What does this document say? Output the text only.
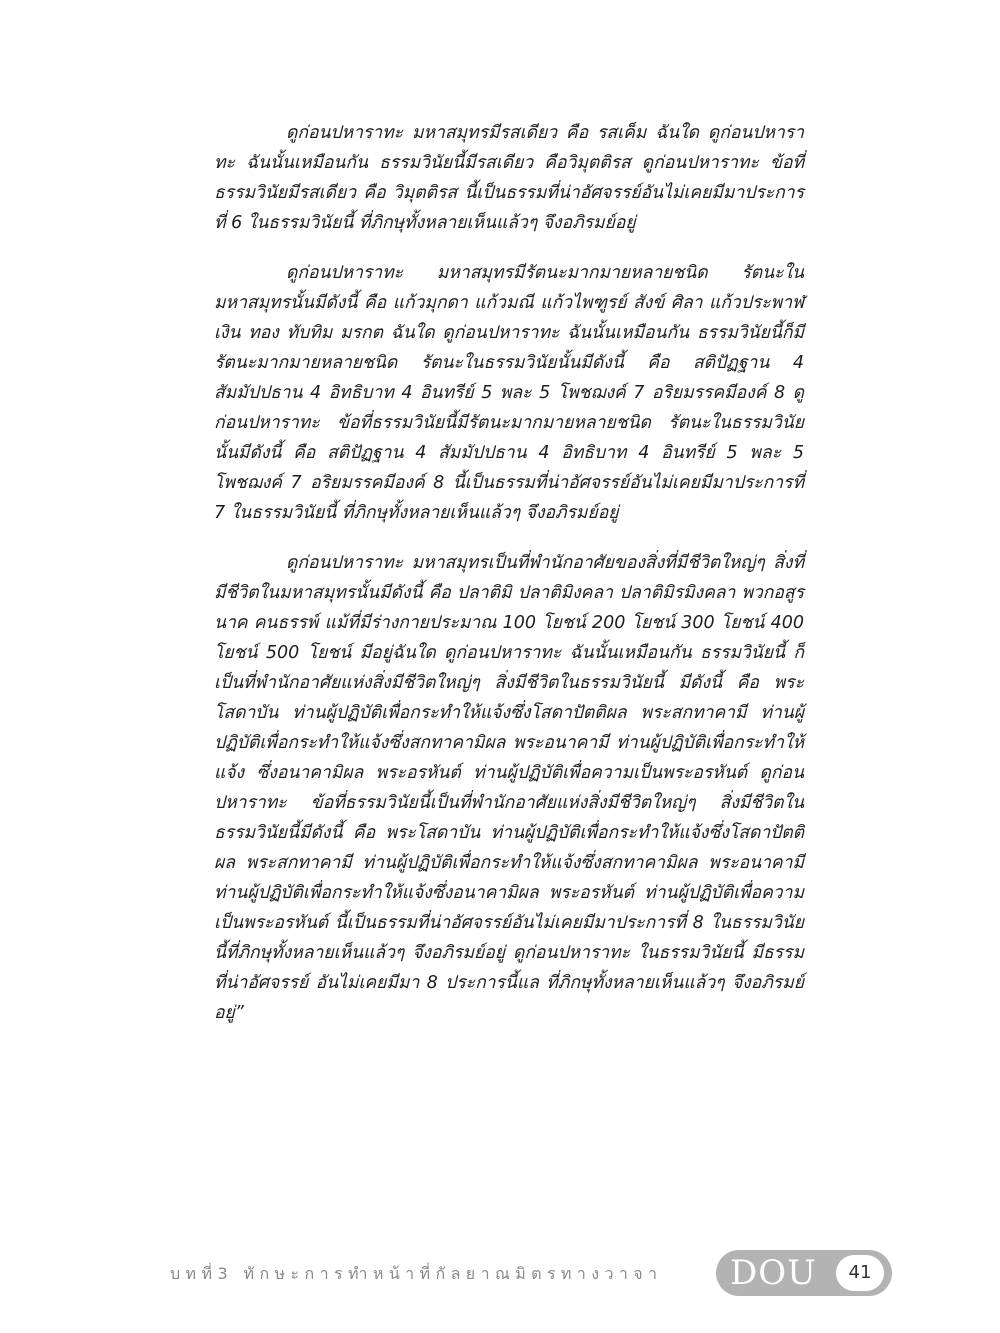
ดูก่อนปหาราทะ มหาสมุทรมีรสเดียว คือ รสเค็ม ฉันใด ดูก่อนปหาราทะ ฉันนั้นเหมือนกัน ธรรมวินัยนี้มีรสเดียว คือวิมุตติรส ดูก่อนปหาราทะ ข้อที่ธรรมวินัยมีรสเดียว คือ วิมุตติรส นี้เป็นธรรมที่น่าอัศจรรย์อันไม่เคยมีมาประการที่ 6 ในธรรมวินัยนี้ ที่ภิกษุทั้งหลายเห็นแล้วๆ จึงอภิรมย์อยู่

ดูก่อนปหาราทะ มหาสมุทรมีรัตนะมากมายหลายชนิด รัตนะในมหาสมุทรนั้นมีดังนี้ คือ แก้วมุกดา แก้วมณี แก้วไพฑูรย์ สังข์ ศิลา แก้วประพาฬ เงิน ทอง ทับทิม มรกต ฉันใด ดูก่อนปหาราทะ ฉันนั้นเหมือนกัน ธรรมวินัยนี้ก็มีรัตนะมากมายหลายชนิด รัตนะในธรรมวินัยนั้นมีดังนี้ คือ สติปัฏฐาน 4 สัมมัปปธาน 4 อิทธิบาท 4 อินทรีย์ 5 พละ 5 โพชฌงค์ 7 อริยมรรคมีองค์ 8 ดูก่อนปหาราทะ ข้อที่ธรรมวินัยนี้มีรัตนะมากมายหลายชนิด รัตนะในธรรมวินัยนั้นมีดังนี้ คือ สติปัฏฐาน 4 สัมมัปปธาน 4 อิทธิบาท 4 อินทรีย์ 5 พละ 5 โพชฌงค์ 7 อริยมรรคมีองค์ 8 นี้เป็นธรรมที่น่าอัศจรรย์อันไม่เคยมีมาประการที่ 7 ในธรรมวินัยนี้ ที่ภิกษุทั้งหลายเห็นแล้วๆ จึงอภิรมย์อยู่

ดูก่อนปหาราทะ มหาสมุทรเป็นที่พำนักอาศัยของสิ่งที่มีชีวิตใหญ่ๆ สิ่งที่มีชีวิตในมหาสมุทรนั้นมีดังนี้ คือ ปลาติมิ ปลาติมิงคลา ปลาติมิรมิงคลา พวกอสูร นาค คนธรรพ์ แม้ที่มีร่างกายประมาณ 100 โยชน์ 200 โยชน์ 300 โยชน์ 400 โยชน์ 500 โยชน์ มีอยู่ฉันใด ดูก่อนปหาราทะ ฉันนั้นเหมือนกัน ธรรมวินัยนี้ ก็เป็นที่พำนักอาศัยแห่งสิ่งมีชีวิตใหญ่ๆ สิ่งมีชีวิตในธรรมวินัยนี้ มีดังนี้ คือ พระโสดาบัน ท่านผู้ปฏิบัติเพื่อกระทำให้แจ้งซึ่งโสดาปัตติผล พระสกทาคามี ท่านผู้ปฏิบัติเพื่อกระทำให้แจ้งซึ่งสกทาคามิผล พระอนาคามี ท่านผู้ปฏิบัติเพื่อกระทำให้แจ้ง ซึ่งอนาคามิผล พระอรหันต์ ท่านผู้ปฏิบัติเพื่อความเป็นพระอรหันต์ ดูก่อนปหาราทะ ข้อที่ธรรมวินัยนี้เป็นที่พำนักอาศัยแห่งสิ่งมีชีวิตใหญ่ๆ สิ่งมีชีวิตในธรรมวินัยนี้มีดังนี้ คือ พระโสดาบัน ท่านผู้ปฏิบัติเพื่อกระทำให้แจ้งซึ่งโสดาปัตติผล พระสกทาคามี ท่านผู้ปฏิบัติเพื่อกระทำให้แจ้งซึ่งสกทาคามิผล พระอนาคามี ท่านผู้ปฏิบัติเพื่อกระทำให้แจ้งซึ่งอนาคามิผล พระอรหันต์ ท่านผู้ปฏิบัติเพื่อความเป็นพระอรหันต์ นี้เป็นธรรมที่น่าอัศจรรย์อันไม่เคยมีมาประการที่ 8 ในธรรมวินัยนี้ที่ภิกษุทั้งหลายเห็นแล้วๆ จึงอภิรมย์อยู่ ดูก่อนปหาราทะ ในธรรมวินัยนี้ มีธรรมที่น่าอัศจรรย์ อันไม่เคยมีมา 8 ประการนี้แล ที่ภิกษุทั้งหลายเห็นแล้วๆ จึงอภิรมย์อยู่”

บทที่3 ทักษะการทำหน้าที่กัลยาณมิตรทางวาจา	DOU	41
